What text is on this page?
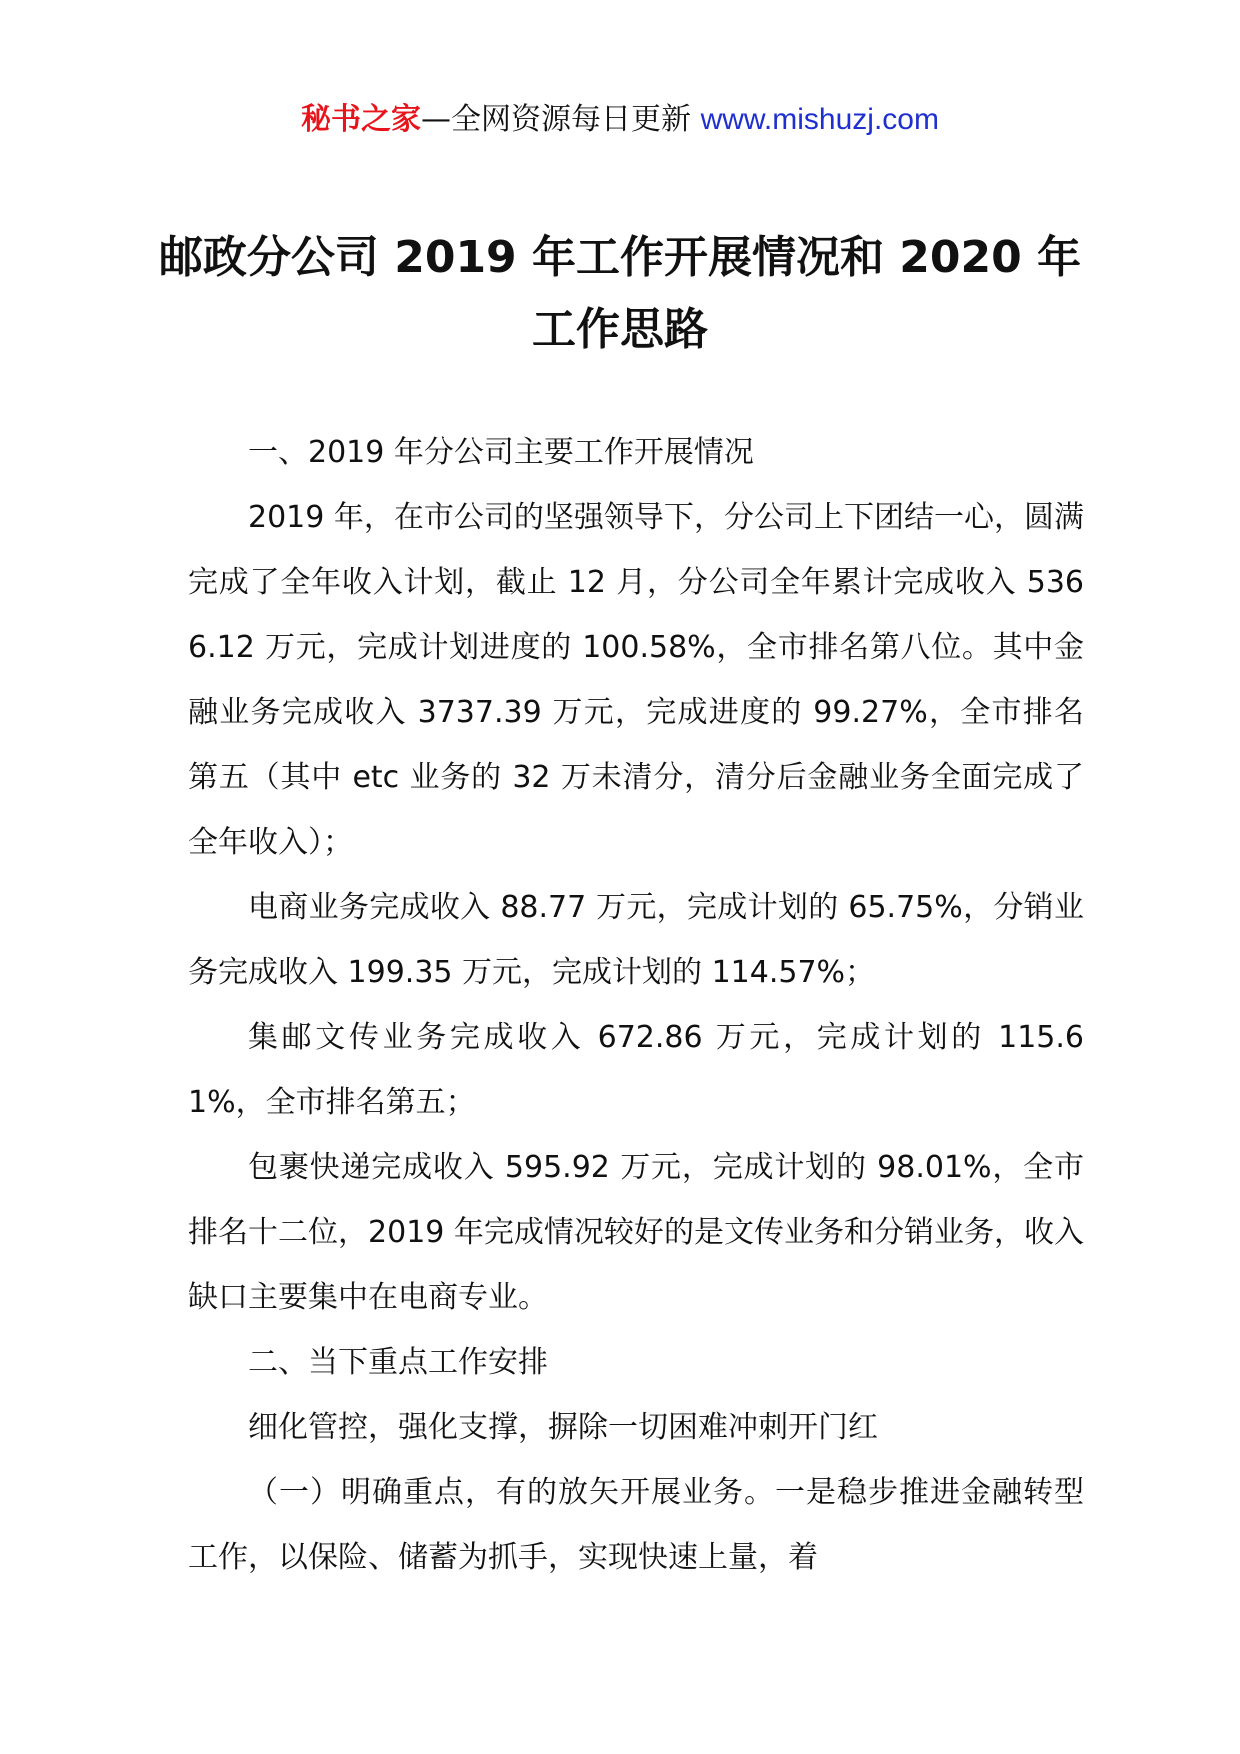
秘书之家—全网资源每日更新 www.mishuzj.com
邮政分公司 2019 年工作开展情况和 2020 年
工作思路

一、2019 年分公司主要工作开展情况

2019 年，在市公司的坚强领导下，分公司上下团结一心，圆满完成了全年收入计划，截止 12 月，分公司全年累计完成收入 5366.12 万元，完成计划进度的 100.58%，全市排名第八位。其中金融业务完成收入 3737.39 万元，完成进度的 99.27%，全市排名第五（其中 etc 业务的 32 万未清分，清分后金融业务全面完成了全年收入）；

电商业务完成收入 88.77 万元，完成计划的 65.75%，分销业务完成收入 199.35 万元，完成计划的 114.57%；

集邮文传业务完成收入 672.86 万元，完成计划的 115.61%，全市排名第五；

包裹快递完成收入 595.92 万元，完成计划的 98.01%，全市排名十二位，2019 年完成情况较好的是文传业务和分销业务，收入缺口主要集中在电商专业。

二、当下重点工作安排

细化管控，强化支撑，摒除一切困难冲刺开门红

（一）明确重点，有的放矢开展业务。一是稳步推进金融转型工作，以保险、储蓄为抓手，实现快速上量，着
